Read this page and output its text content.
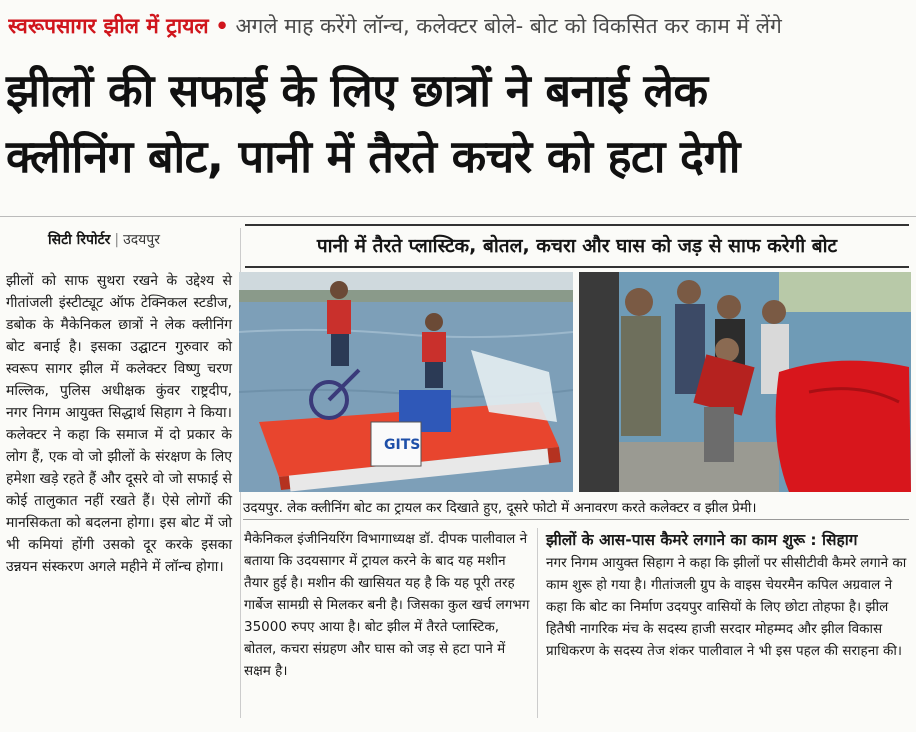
स्वरूपसागर झील में ट्रायल • अगले माह करेंगे लॉन्च, कलेक्टर बोले- बोट को विकसित कर काम में लेंगे
झीलों की सफाई के लिए छात्रों ने बनाई लेक
क्लीनिंग बोट, पानी में तैरते कचरे को हटा देगी
सिटी रिपोर्टर | उदयपुर
झीलों को साफ सुथरा रखने के उद्देश्य से गीतांजली इंस्टीट्यूट ऑफ टेक्निकल स्टडीज, डबोक के मैकेनिकल छात्रों ने लेक क्लीनिंग बोट बनाई है। इसका उद्घाटन गुरुवार को स्वरूप सागर झील में कलेक्टर विष्णु चरण मल्लिक, पुलिस अधीक्षक कुंवर राष्ट्रदीप, नगर निगम आयुक्त सिद्धार्थ सिहाग ने किया। कलेक्टर ने कहा कि समाज में दो प्रकार के लोग हैं, एक वो जो झीलों के संरक्षण के लिए हमेशा खड़े रहते हैं और दूसरे वो जो सफाई से कोई तालुकात नहीं रखते हैं। ऐसे लोगों की मानसिकता को बदलना होगा। इस बोट में जो भी कमियां होंगी उसको दूर करके इसका उन्नयन संस्करण अगले महीने में लॉन्च होगा।
पानी में तैरते प्लास्टिक, बोतल, कचरा और घास को जड़ से साफ करेगी बोट
GITS
उदयपुर. लेक क्लीनिंग बोट का ट्रायल कर दिखाते हुए, दूसरे फोटो में अनावरण करते कलेक्टर व झील प्रेमी।
मैकेनिकल इंजीनियरिंग विभागाध्यक्ष डॉ. दीपक पालीवाल ने बताया कि उदयसागर में ट्रायल करने के बाद यह मशीन तैयार हुई है। मशीन की खासियत यह है कि यह पूरी तरह गार्बेज सामग्री से मिलकर बनी है। जिसका कुल खर्च लगभग 35000 रुपए आया है। बोट झील में तैरते प्लास्टिक, बोतल, कचरा संग्रहण और घास को जड़ से हटा पाने में सक्षम है।
झीलों के आस-पास कैमरे लगाने का काम शुरू : सिहाग
नगर निगम आयुक्त सिहाग ने कहा कि झीलों पर सीसीटीवी कैमरे लगाने का काम शुरू हो गया है। गीतांजली ग्रुप के वाइस चेयरमैन कपिल अग्रवाल ने कहा कि बोट का निर्माण उदयपुर वासियों के लिए छोटा तोहफा है। झील हितैषी नागरिक मंच के सदस्य हाजी सरदार मोहम्मद और झील विकास प्राधिकरण के सदस्य तेज शंकर पालीवाल ने भी इस पहल की सराहना की।
